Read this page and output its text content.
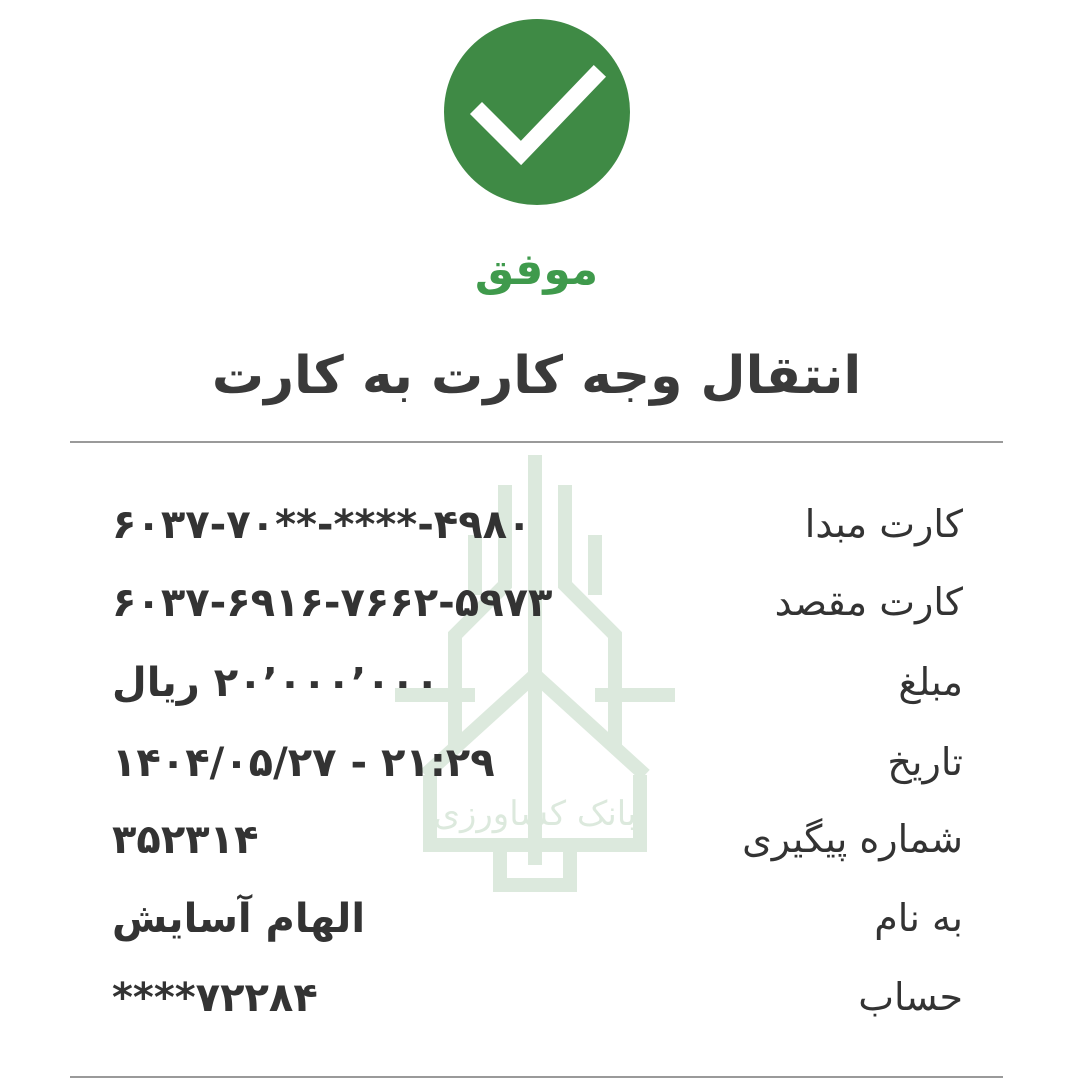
موفق
انتقال وجه کارت به کارت
بانک کشاورزی
کارت مبدا
۶۰۳۷-۷۰**-****-۴۹۸۰
کارت مقصد
۶۰۳۷-۶۹۱۶-۷۶۶۲-۵۹۷۳
مبلغ
۲۰٬۰۰۰٬۰۰۰ ریال
تاریخ
۱۴۰۴/۰۵/۲۷ - ۲۱:۲۹
شماره پیگیری
۳۵۲۳۱۴
به نام
الهام آسایش
حساب
****۷۲۲۸۴
